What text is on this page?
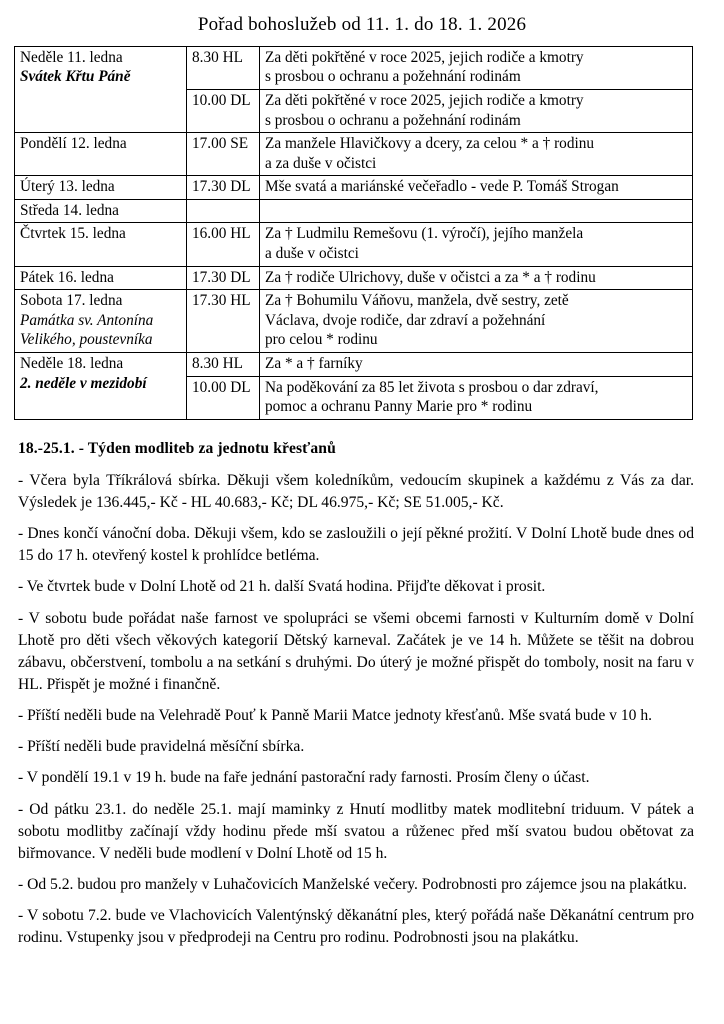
Pořad bohoslužeb od 11. 1. do 18. 1. 2026
Neděle 11. ledna
Svátek Křtu Páně	8.30 HL	Za děti pokřtěné v roce 2025, jejich rodiče a kmotry
s prosbou o ochranu a požehnání rodinám

	10.00 DL	Za děti pokřtěné v roce 2025, jejich rodiče a kmotry
s prosbou o ochranu a požehnání rodinám

Pondělí 12. ledna	17.00 SE	Za manžele Hlavičkovy a dcery, za celou * a † rodinu
a za duše v očistci

Úterý 13. ledna	17.30 DL	Mše svatá a mariánské večeřadlo - vede P. Tomáš Strogan

Středa 14. ledna		

Čtvrtek 15. ledna	16.00 HL	Za † Ludmilu Remešovu (1. výročí), jejího manžela
a duše v očistci

Pátek 16. ledna	17.30 DL	Za † rodiče Ulrichovy, duše v očistci a za * a † rodinu

Sobota 17. ledna
Památka sv. Antonína
Velikého, poustevníka	17.30 HL	Za † Bohumilu Váňovu, manžela, dvě sestry, zetě
Václava, dvoje rodiče, dar zdraví a požehnání
pro celou * rodinu

Neděle 18. ledna
2. neděle v mezidobí	8.30 HL	Za * a † farníky

	10.00 DL	Na poděkování za 85 let života s prosbou o dar zdraví,
pomoc a ochranu Panny Marie pro * rodinu
18.-25.1. - Týden modliteb za jednotu křesťanů

- Včera byla Tříkrálová sbírka. Děkuji všem koledníkům, vedoucím skupinek a každému z Vás za dar. Výsledek je 136.445,- Kč - HL 40.683,- Kč; DL 46.975,- Kč; SE 51.005,- Kč.

- Dnes končí vánoční doba. Děkuji všem, kdo se zasloužili o její pěkné prožití. V Dolní Lhotě bude dnes od 15 do 17 h. otevřený kostel k prohlídce betléma.

- Ve čtvrtek bude v Dolní Lhotě od 21 h. další Svatá hodina. Přijďte děkovat i prosit.

- V sobotu bude pořádat naše farnost ve spolupráci se všemi obcemi farnosti v Kulturním domě v Dolní Lhotě pro děti všech věkových kategorií Dětský karneval. Začátek je ve 14 h. Můžete se těšit na dobrou zábavu, občerstvení, tombolu a na setkání s druhými. Do úterý je možné přispět do tomboly, nosit na faru v HL. Přispět je možné i finančně.

- Příští neděli bude na Velehradě Pouť k Panně Marii Matce jednoty křesťanů. Mše svatá bude v 10 h.

- Příští neděli bude pravidelná měsíční sbírka.

- V pondělí 19.1 v 19 h. bude na faře jednání pastorační rady farnosti. Prosím členy o účast.

- Od pátku 23.1. do neděle 25.1. mají maminky z Hnutí modlitby matek modlitební triduum. V pátek a sobotu modlitby začínají vždy hodinu přede mší svatou a růženec před mší svatou budou obětovat za biřmovance. V neděli bude modlení v Dolní Lhotě od 15 h.

- Od 5.2. budou pro manžely v Luhačovicích Manželské večery. Podrobnosti pro zájemce jsou na plakátku.

- V sobotu 7.2. bude ve Vlachovicích Valentýnský děkanátní ples, který pořádá naše Děkanátní centrum pro rodinu. Vstupenky jsou v předprodeji na Centru pro rodinu. Podrobnosti jsou na plakátku.
